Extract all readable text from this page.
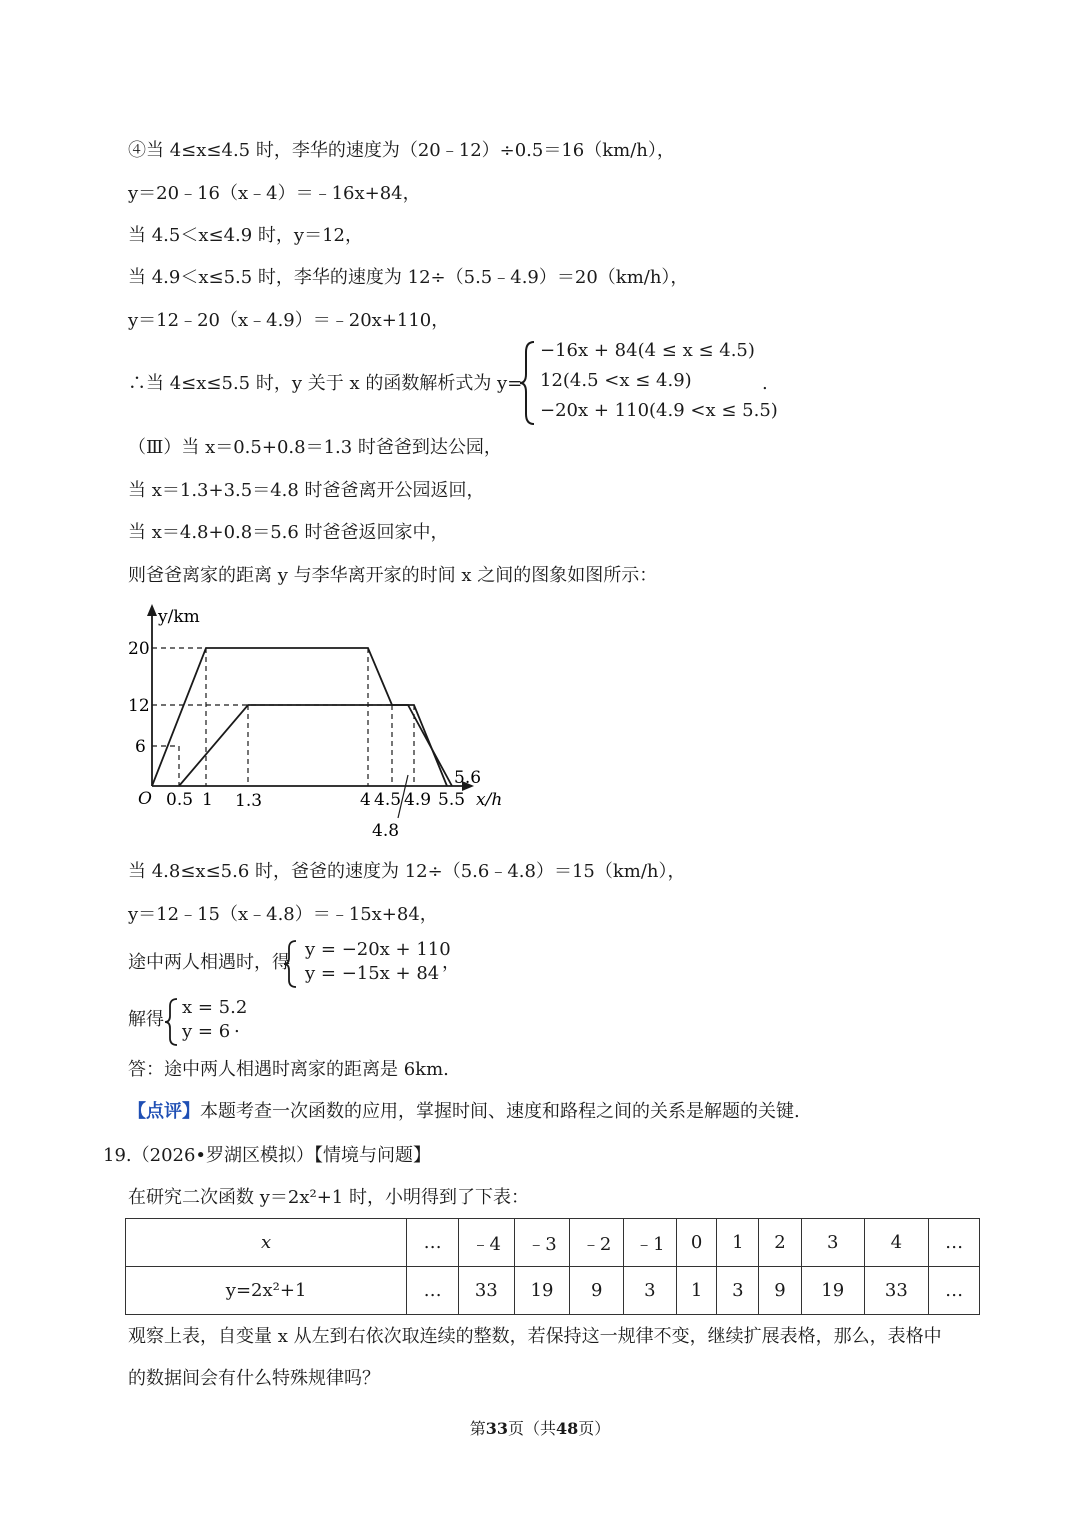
④当 4≤x≤4.5 时，李华的速度为（20﹣12）÷0.5＝16（km/h），
y＝20﹣16（x﹣4）＝﹣16x+84，
当 4.5＜x≤4.9 时，y＝12，
当 4.9＜x≤5.5 时，李华的速度为 12÷（5.5﹣4.9）＝20（km/h），
y＝12﹣20（x﹣4.9）＝﹣20x+110，
∴当 4≤x≤5.5 时，y 关于 x 的函数解析式为 y=
−16x + 84(4 ≤ x ≤ 4.5)
12(4.5 <x ≤ 4.9)
−20x + 110(4.9 <x ≤ 5.5)
.
（Ⅲ）当 x＝0.5+0.8＝1.3 时爸爸到达公园，
当 x＝1.3+3.5＝4.8 时爸爸离开公园返回，
当 x＝4.8+0.8＝5.6 时爸爸返回家中，
则爸爸离家的距离 y 与李华离开家的时间 x 之间的图象如图所示：
y/km
x/h
O
20
12
6
0.5 1 1.3	4 4.5 4.9 5.5
4.8
5.6
当 4.8≤x≤5.6 时，爸爸的速度为 12÷（5.6﹣4.8）＝15（km/h），
y＝12﹣15（x﹣4.8）＝﹣15x+84，
途中两人相遇时，得
y = −20x + 110
y = −15x + 84
，
解得
x = 5.2
y = 6 .
答：途中两人相遇时离家的距离是 6km.
【点评】本题考查一次函数的应用，掌握时间、速度和路程之间的关系是解题的关键.
19.（2026•罗湖区模拟）【情境与问题】
在研究二次函数 y＝2x²+1 时，小明得到了下表：
x	…	﹣4	﹣3	﹣2	﹣1	0	1	2	3	4	…
y=2x²+1	…	33	19	9	3	1	3	9	19	33	…
观察上表，自变量 x 从左到右依次取连续的整数，若保持这一规律不变，继续扩展表格，那么，表格中
的数据间会有什么特殊规律吗？
第33页（共48页）
